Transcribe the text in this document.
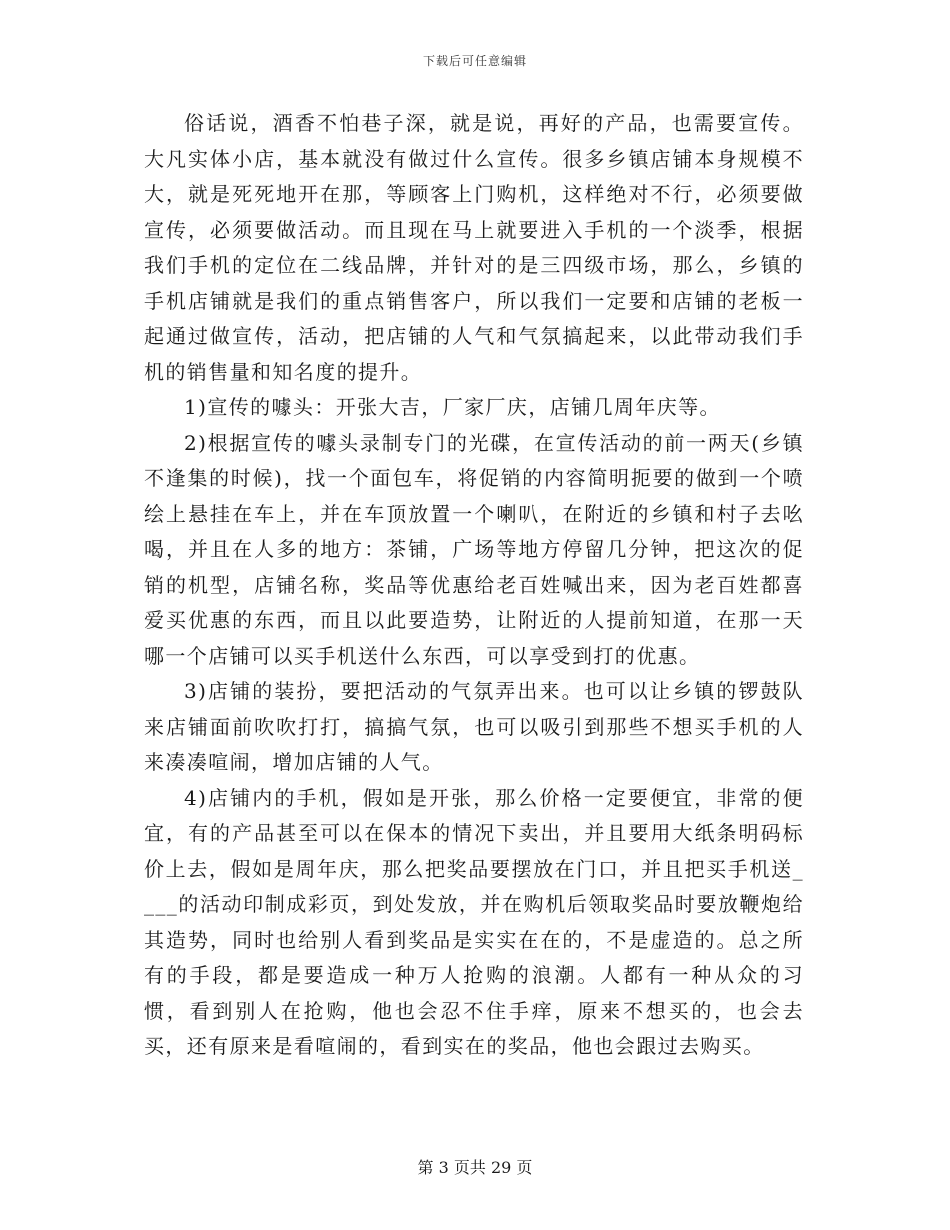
下载后可任意编辑

俗话说，酒香不怕巷子深，就是说，再好的产品，也需要宣传。大凡实体小店，基本就没有做过什么宣传。很多乡镇店铺本身规模不大，就是死死地开在那，等顾客上门购机，这样绝对不行，必须要做宣传，必须要做活动。而且现在马上就要进入手机的一个淡季，根据我们手机的定位在二线品牌，并针对的是三四级市场，那么，乡镇的手机店铺就是我们的重点销售客户，所以我们一定要和店铺的老板一起通过做宣传，活动，把店铺的人气和气氛搞起来，以此带动我们手机的销售量和知名度的提升。

1)宣传的噱头：开张大吉，厂家厂庆，店铺几周年庆等。

2)根据宣传的噱头录制专门的光碟，在宣传活动的前一两天(乡镇不逢集的时候)，找一个面包车，将促销的内容简明扼要的做到一个喷绘上悬挂在车上，并在车顶放置一个喇叭，在附近的乡镇和村子去吆喝，并且在人多的地方：茶铺，广场等地方停留几分钟，把这次的促销的机型，店铺名称，奖品等优惠给老百姓喊出来，因为老百姓都喜爱买优惠的东西，而且以此要造势，让附近的人提前知道，在那一天哪一个店铺可以买手机送什么东西，可以享受到打的优惠。

3)店铺的装扮，要把活动的气氛弄出来。也可以让乡镇的锣鼓队来店铺面前吹吹打打，搞搞气氛，也可以吸引到那些不想买手机的人来凑凑喧闹，增加店铺的人气。

4)店铺内的手机，假如是开张，那么价格一定要便宜，非常的便宜，有的产品甚至可以在保本的情况下卖出，并且要用大纸条明码标价上去，假如是周年庆，那么把奖品要摆放在门口，并且把买手机送____的活动印制成彩页，到处发放，并在购机后领取奖品时要放鞭炮给其造势，同时也给别人看到奖品是实实在在的，不是虚造的。总之所有的手段，都是要造成一种万人抢购的浪潮。人都有一种从众的习惯，看到别人在抢购，他也会忍不住手痒，原来不想买的，也会去买，还有原来是看喧闹的，看到实在的奖品，他也会跟过去购买。

第 3 页共 29 页
